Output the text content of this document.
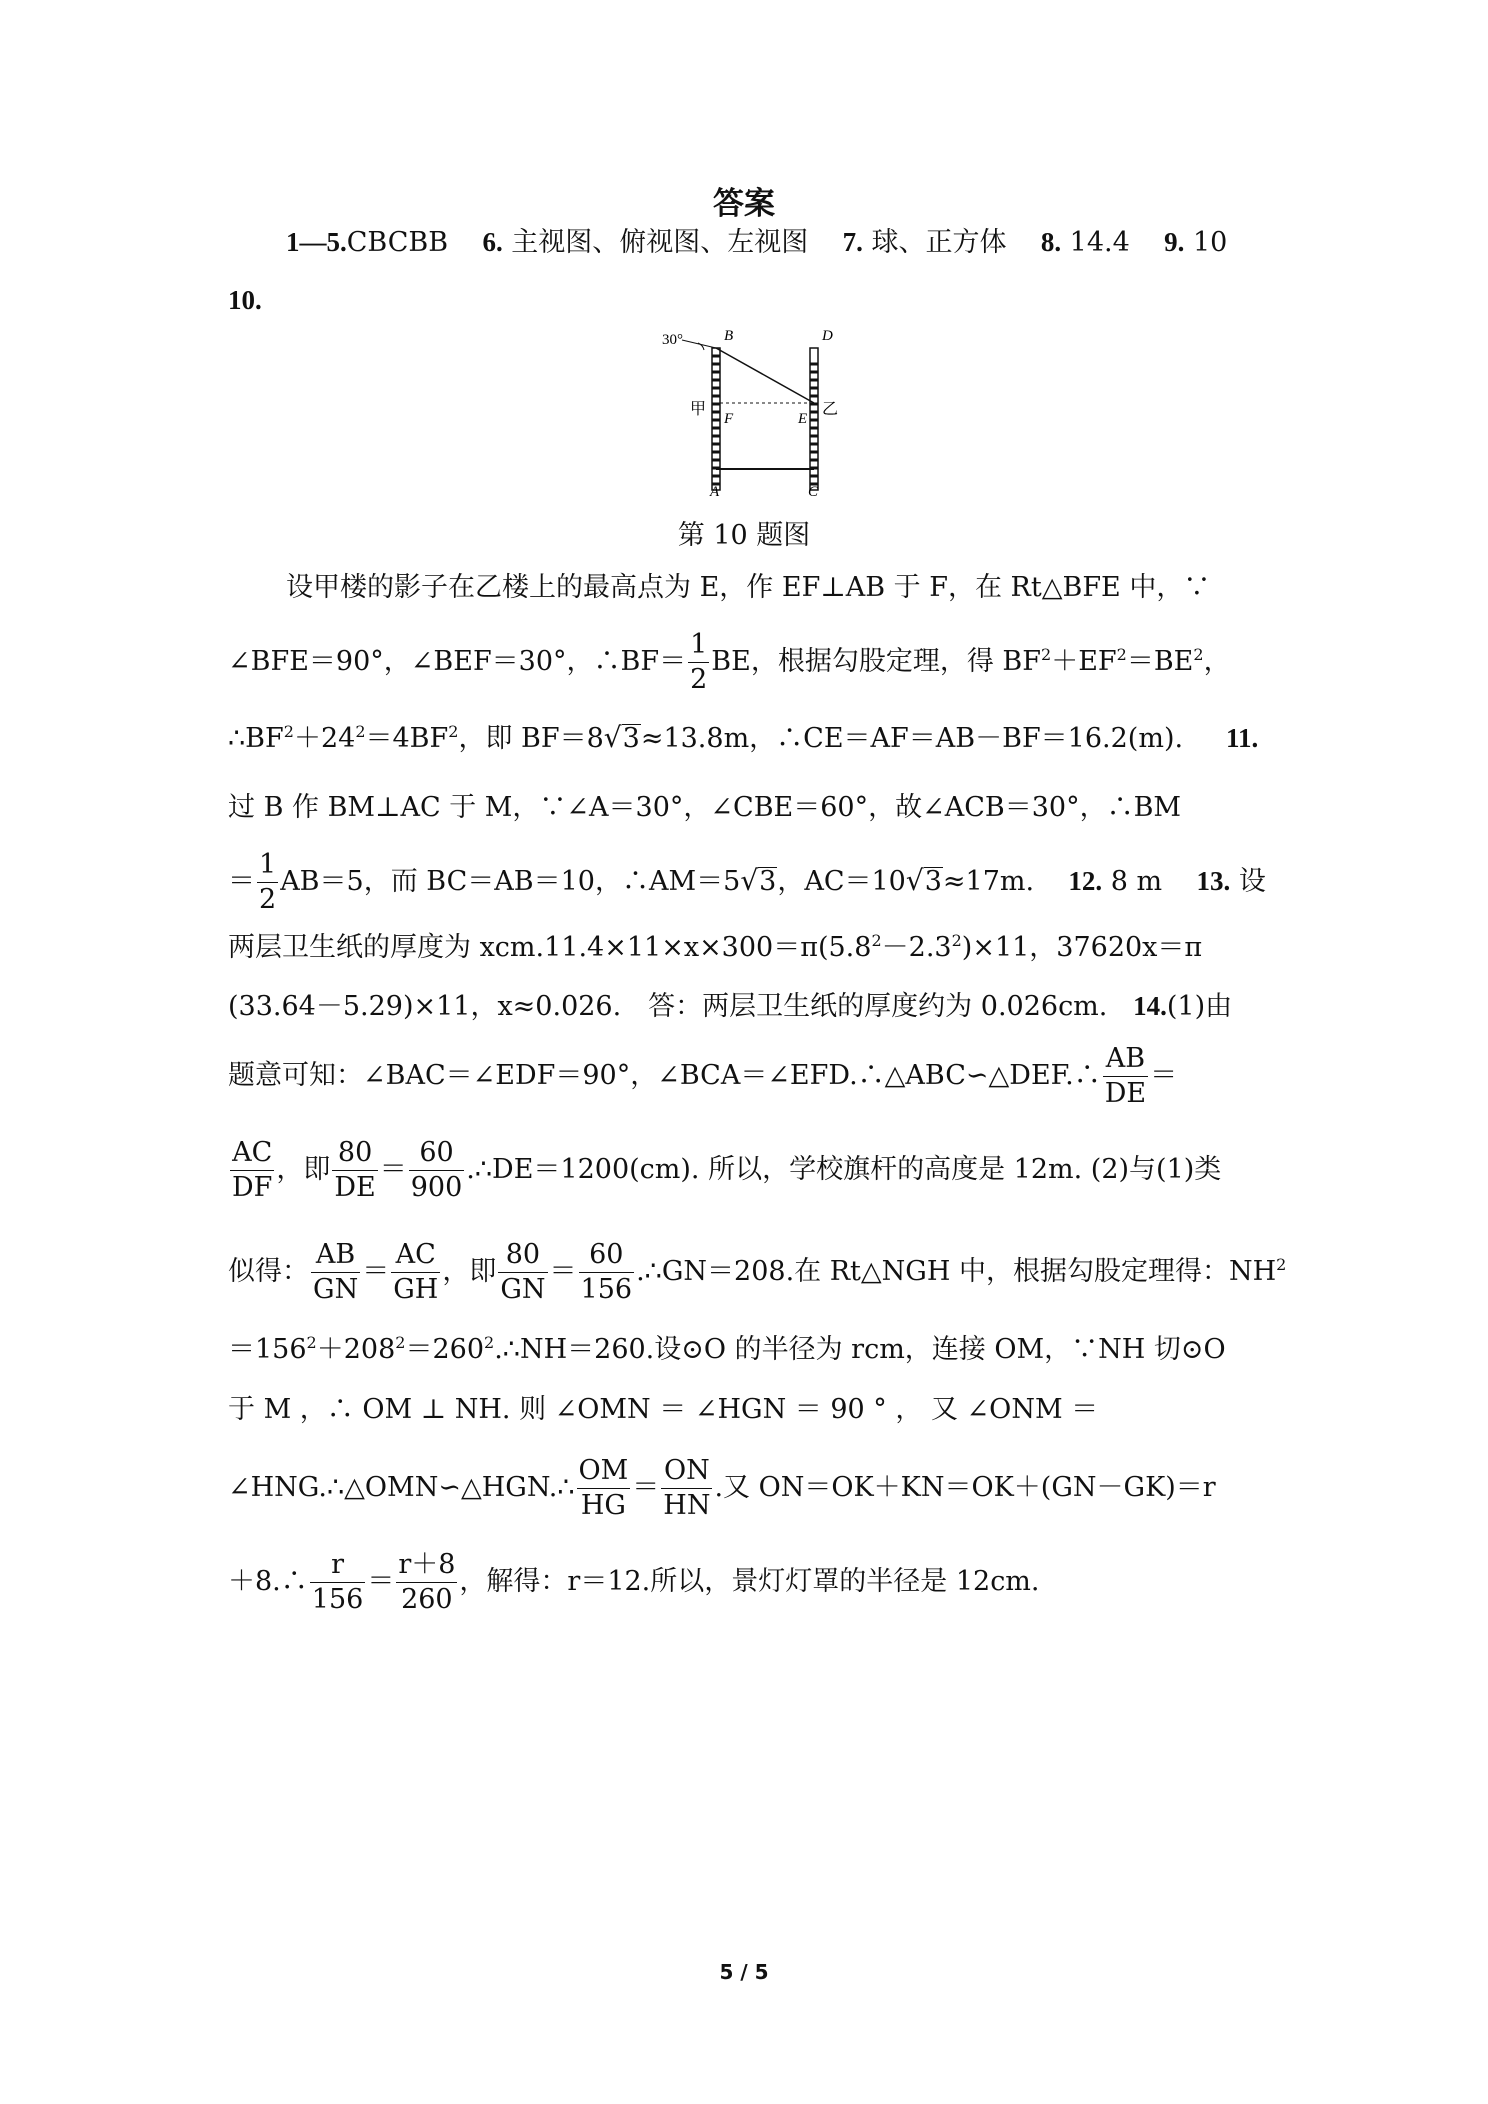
答案
1—5.CBCBB 6. 主视图、俯视图、左视图 7. 球、正方体 8. 14.4 9. 10
10.
30°	B	D
甲	乙
F	E
A	C
第 10 题图
设甲楼的影子在乙楼上的最高点为 E，作 EF⊥AB 于 F，在 Rt△BFE 中，∵
∠BFE＝90°，∠BEF＝30°，∴BF＝ $\frac{1}{2}$ BE，根据勾股定理，得 $BF^2+EF^2=BE^2$，
$\therefore BF^2+24^2=4BF^2$，即 BF＝8√3≈13.8m，∴CE＝AF＝AB－BF＝16.2(m). 11.
过 B 作 BM⊥AC 于 M，∵∠A＝30°，∠CBE＝60°，故∠ACB＝30°，∴BM
＝ $\frac{1}{2} AB=5$，而 BC＝AB＝10，∴AM＝5√3，AC＝10√3≈17m. 12. 8 m 13. 设
两层卫生纸的厚度为 $xcm.11.4\times 11\times x\times 300=\pi(5.8^2-2.3^2)\times 11$，37620x＝π
(33.64－5.29)×11，x≈0.026.　答：两层卫生纸的厚度约为 0.026cm. 14.(1)由
题意可知：∠BAC＝∠EDF＝90°，∠BCA＝∠EFD.∴△ABC∽△DEF.∴ $\frac{AB}{DE}$ ＝
$\frac{AC}{DF}$ ，即 $\frac{80}{DE} = \frac{60}{900}$ .∴DE＝1200(cm). 所以，学校旗杆的高度是 12m. (2)与(1)类
似得： $\frac{AB}{GN} = \frac{AC}{GH}$ ，即 $\frac{80}{GN} = \frac{60}{156}$ .∴GN＝208.在 Rt△NGH 中，根据勾股定理得：$NH^2$
$=156^2+208^2=260^2.\therefore NH=260$.设⊙O 的半径为 rcm，连接 OM，∵NH 切⊙O
于 M ，∴ OM ⊥ NH. 则 ∠OMN ＝ ∠HGN ＝ 90 ° ， 又 ∠ONM ＝
∠HNG.∴△OMN∽△HGN.∴ $\frac{OM}{HG} = \frac{ON}{HN}$ .又 ON＝OK＋KN＝OK＋(GN－GK)＝r
＋8.∴ $\frac{r}{156} = \frac{r+8}{260}$ ，解得：r＝12.所以，景灯灯罩的半径是 12cm.
5 / 5
